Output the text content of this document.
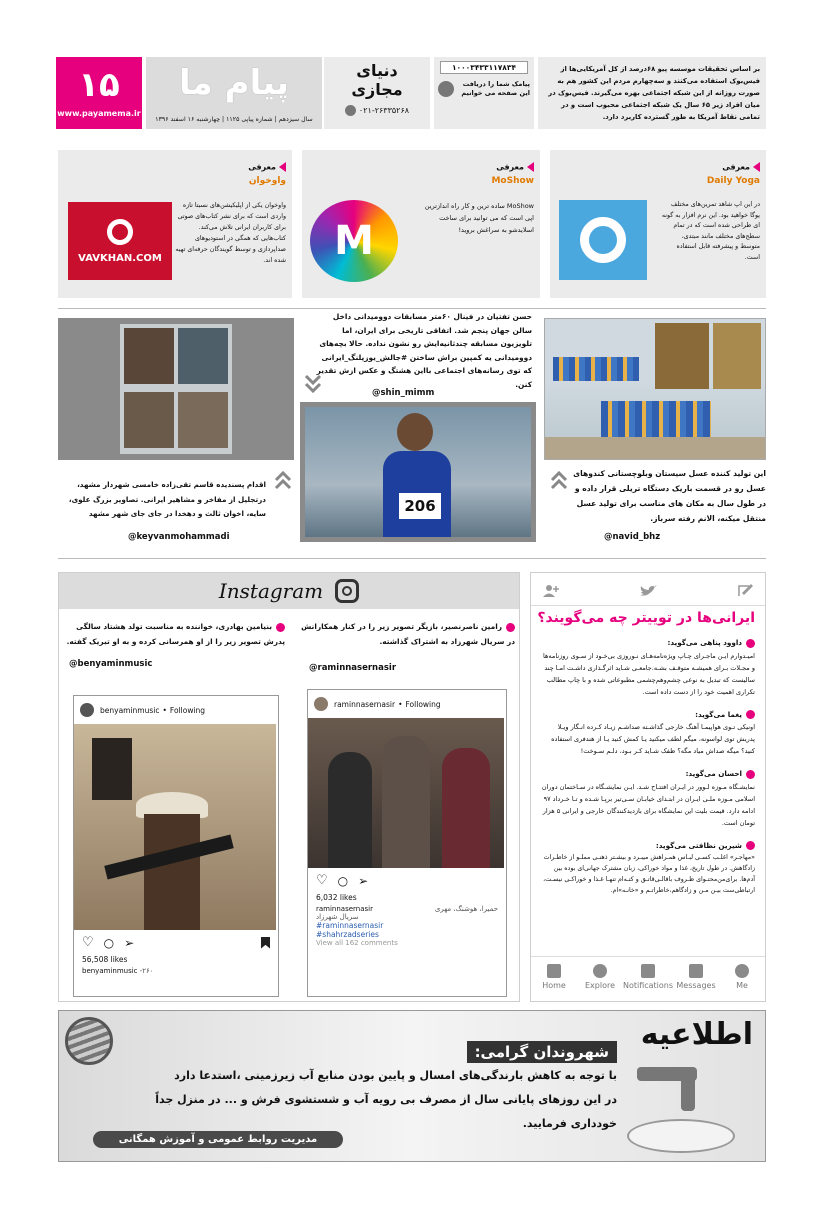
۱۵
www.payamema.ir
پیام ما
سال سیزدهم | شماره پیاپی ۱۱۲۵ | چهارشنبه ۱۶ اسفند ۱۳۹۶
دنیای
مجازی
۰۲۱-۲۶۳۳۵۲۶۸
۱۰۰۰۳۴۳۳۱۱۷۸۳۴
پیامک شما را دریافت
این صفحه می خوانیم
بر اساس تحقیقات موسسه پیو ۶۸درصد از کل آمریکایی‌ها از فیس‌بوک استفاده می‌کنند و سه‌چهارم مردم این کشور هم به صورت روزانه از این شبکه اجتماعی بهره می‌گیرند. فیس‌بوک در میان افراد زیر ۶۵ سال یک شبکه اجتماعی محبوب است و در تمامی نقاط آمریکا به طور گسترده کاربرد دارد.
معرفی
Daily Yoga
در این اپ شاهد تمرین‌های مختلف یوگا خواهید بود. این نرم افزار به گونه ای طراحی شده است که در تمام سطح‌های مختلف مانند مبتدی، متوسط و پیشرفته قابل استفاده است.
معرفی
MoShow
MoShow ساده ترین و کار راه اندازترین اپی است که می توانید برای ساخت اسلایدشو به سراغش بروید!
M
معرفی
واوخوان
واوخوان یکی از اپلیکیشن‌های نسبتا تازه واردی است که برای نشر کتاب‌های صوتی برای کاربران ایرانی تلاش می‌کند. کتاب‌هایی که همگی در استودیوهای صداپردازی و توسط گویندگان حرفه‌ای تهیه شده اند.
VAVKHAN.COM
این تولید کننده عسل سیستان وبلوچستانی کندوهای عسل رو در قسمت باریک دستگاه تریلی قرار داده و در طول سال به مکان های مناسب برای تولید عسل منتقل میکنه، الانم رفته سرباز.
@navid_bhz
حسن تفتیان در فینال ۶۰متر مسابقات دوومیدانی داخل سالن جهان پنجم شد. اتفاقی تاریخی برای ایران، اما تلویزیون مسابقه چندثانیه‌ایش رو نشون نداده. حالا بچه‌های دوومیدانی یه کمپین براش ساختن #جالش_یوزپلنگ_ایرانی که توی رسانه‌های اجتماعی بااین هشتگ و عکس ازش تقدیر کنن.
@shin_mimm
206
اقدام پسندیده قاسم تقی‌زاده خامسی شهردار مشهد، درتجلیل از مفاخر و مشاهیر ایرانی. تصاویر بزرگ علوی، سایه، اخوان ثالث و دهخدا در جای جای شهر مشهد
@keyvanmohammadi
ایرانی‌ها در توییتر چه می‌گویند؟
داوود پناهی می‌گوید:
امیـدوارم ایـن ماجـرای چـاپ ویژه‌نامه‌هـای نـوروزی بی‌خـود از سـوی روزنامه‌ها و مجـلات بـرای همیشـه متوقـف بشـه.جامعـی شـاید اثرگـذاری داشـت امـا چند سالیست که تبدیل به نوعی چشم‌وهم‌چشمی مطبوعاتی شده و با چاپ مطالب تکراری اهمیت خود را از دست داده است.
یغما می‌گوید:
اونیکی تـوی هواپیمـا آهنگ خارجی گذاشـته صداشـم زیـاد کـرده انـگار ویـلا پدریش توی لواسونه، میگم لطف میکنید یـا کمش کنید یـا از هندفری استفاده کنید؟ میگه صداش میاد مگه؟ ظفک شـاید کـر بـود، دلـم سـوخت!
احسان می‌گوید:
نمایشـگاه مـوزه لـوور در ایـران افتتـاح شـد. ایـن نمایشـگاه در سـاختمان دوران اسلامی مـوزه ملـی ایـران در ابتـدای خیابـان سـی‌تیر برپـا شـده و تـا خـرداد ۹۷ ادامه دارد. قیمت بلیت این نمایشگاه برای بازدیدکنندگان خارجی و ایرانی ۵ هزار تومان است.
شیرین نظافتی می‌گوید:
«مهاجـر» اغلـب کسـی لبـاس همـراهش میبـرد و بیشـتر ذهنـی مملـو از خاطـرات زادگاهش. در طول تاریخ، غذا و مواد خوراکی، زبان مشترک جهانی‌ای بوده بین آدم‌ها. برای‌من‌محتـوای ظـروف باقالـی‌قاتـق و کتـه‌ام تنهـا غـذا و خوراکـی نیسـت، ارتباطی‌ست بیـن مـن و زادگاهم،خاطراتـم و «خانـه»ام.
Home Explore Notifications Messages	Me
Instagram
رامین ناصرنصیر، بازیگر تصویر زیر را در کنار همکارانش در سریال شهرزاد به اشتراک گذاشته.
@raminnasernasir
raminnasernasir • Following
♡ ○ ➢
6,032 likes
raminnasernasir	حمیرا، هوشنگ، مهری
سریال شهرزاد
#raminnasernasir
#shahrzadseries
View all 162 comments
بنیامین بهادری، خواننده به مناسبت تولد هشتاد سالگی پدرش تصویر زیر را از او همرسانی کرده و به او تبریک گفته.
@benyaminmusic
benyaminmusic • Following
♡ ○ ➢
56,508 likes
benyaminmusic -۲۶۰
اطلاعیه
شهروندان گرامی:
با توجه به کاهش بارندگی‌های امسال و پایین بودن منابع آب زیرزمینی ،استدعا دارد
در این روزهای پایانی سال از مصرف بی رویه آب و شستشوی فرش و ... در منزل جداً
خودداری فرمایید.
مدیریت روابط عمومی و آموزش همگانی
